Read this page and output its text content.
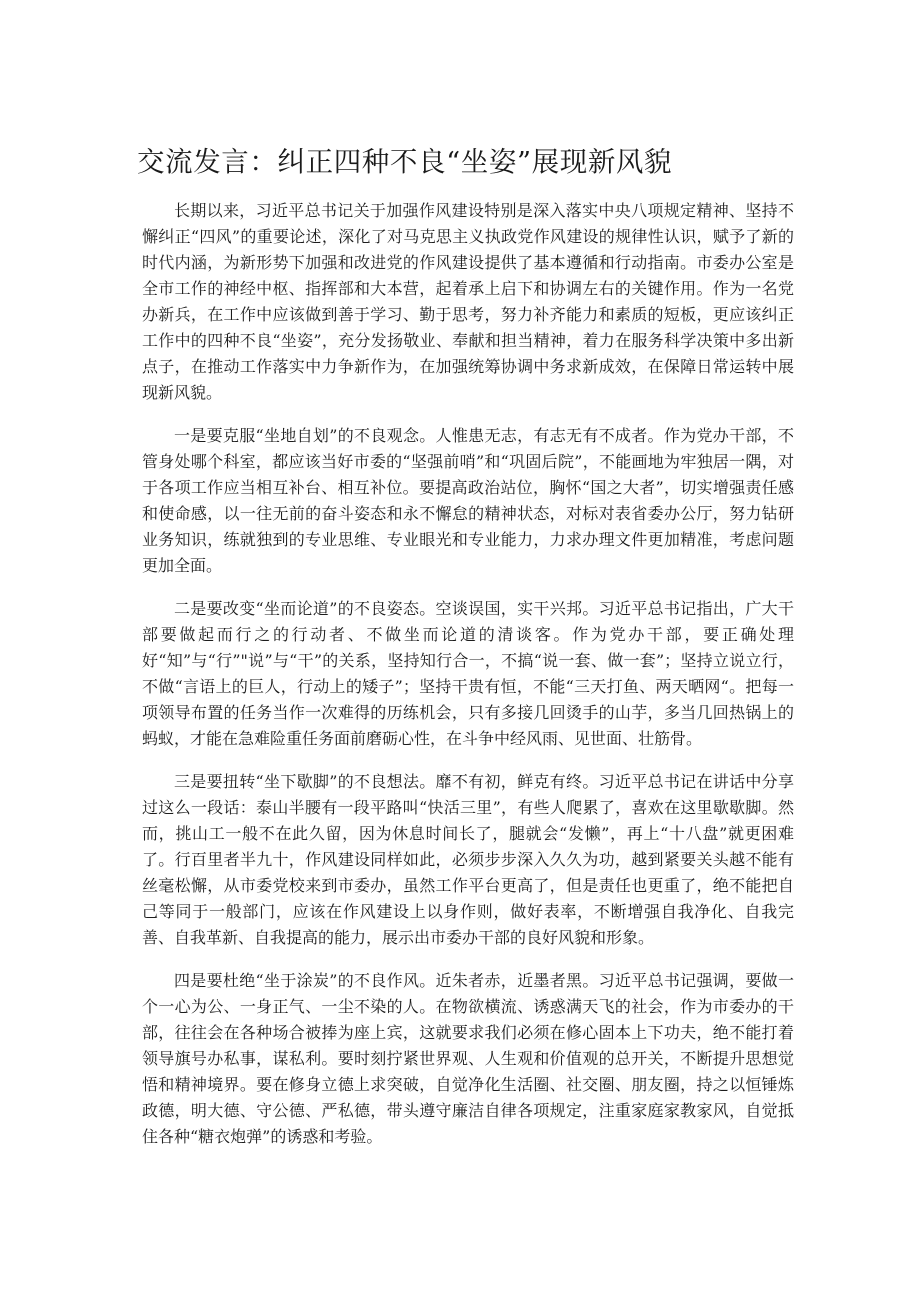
交流发言：纠正四种不良“坐姿”展现新风貌

长期以来，习近平总书记关于加强作风建设特别是深入落实中央八项规定精神、坚持不懈纠正“四风”的重要论述，深化了对马克思主义执政党作风建设的规律性认识，赋予了新的时代内涵，为新形势下加强和改进党的作风建设提供了基本遵循和行动指南。市委办公室是全市工作的神经中枢、指挥部和大本营，起着承上启下和协调左右的关键作用。作为一名党办新兵，在工作中应该做到善于学习、勤于思考，努力补齐能力和素质的短板，更应该纠正工作中的四种不良“坐姿”，充分发扬敬业、奉献和担当精神，着力在服务科学决策中多出新点子，在推动工作落实中力争新作为，在加强统筹协调中务求新成效，在保障日常运转中展现新风貌。

一是要克服“坐地自划”的不良观念。人惟患无志，有志无有不成者。作为党办干部，不管身处哪个科室，都应该当好市委的“坚强前哨”和“巩固后院”，不能画地为牢独居一隅，对于各项工作应当相互补台、相互补位。要提高政治站位，胸怀“国之大者”，切实增强责任感和使命感，以一往无前的奋斗姿态和永不懈怠的精神状态，对标对表省委办公厅，努力钻研业务知识，练就独到的专业思维、专业眼光和专业能力，力求办理文件更加精准，考虑问题更加全面。

二是要改变“坐而论道”的不良姿态。空谈误国，实干兴邦。习近平总书记指出，广大干部要做起而行之的行动者、不做坐而论道的清谈客。作为党办干部，要正确处理好“知”与“行”"说”与“干”的关系，坚持知行合一，不搞“说一套、做一套”；坚持立说立行，不做“言语上的巨人，行动上的矮子”；坚持干贵有恒，不能“三天打鱼、两天晒网“。把每一项领导布置的任务当作一次难得的历练机会，只有多接几回烫手的山芋，多当几回热锅上的蚂蚁，才能在急难险重任务面前磨砺心性，在斗争中经风雨、见世面、壮筋骨。

三是要扭转“坐下歇脚”的不良想法。靡不有初，鲜克有终。习近平总书记在讲话中分享过这么一段话：泰山半腰有一段平路叫“快活三里”，有些人爬累了，喜欢在这里歇歇脚。然而，挑山工一般不在此久留，因为休息时间长了，腿就会“发懒”，再上“十八盘”就更困难了。行百里者半九十，作风建设同样如此，必须步步深入久久为功，越到紧要关头越不能有丝毫松懈，从市委党校来到市委办，虽然工作平台更高了，但是责任也更重了，绝不能把自己等同于一般部门，应该在作风建设上以身作则，做好表率，不断增强自我净化、自我完善、自我革新、自我提高的能力，展示出市委办干部的良好风貌和形象。

四是要杜绝“坐于涂炭”的不良作风。近朱者赤，近墨者黑。习近平总书记强调，要做一个一心为公、一身正气、一尘不染的人。在物欲横流、诱惑满天飞的社会，作为市委办的干部，往往会在各种场合被捧为座上宾，这就要求我们必须在修心固本上下功夫，绝不能打着领导旗号办私事，谋私利。要时刻拧紧世界观、人生观和价值观的总开关，不断提升思想觉悟和精神境界。要在修身立德上求突破，自觉净化生活圈、社交圈、朋友圈，持之以恒锤炼政德，明大德、守公德、严私德，带头遵守廉洁自律各项规定，注重家庭家教家风，自觉抵住各种“糖衣炮弹”的诱惑和考验。
